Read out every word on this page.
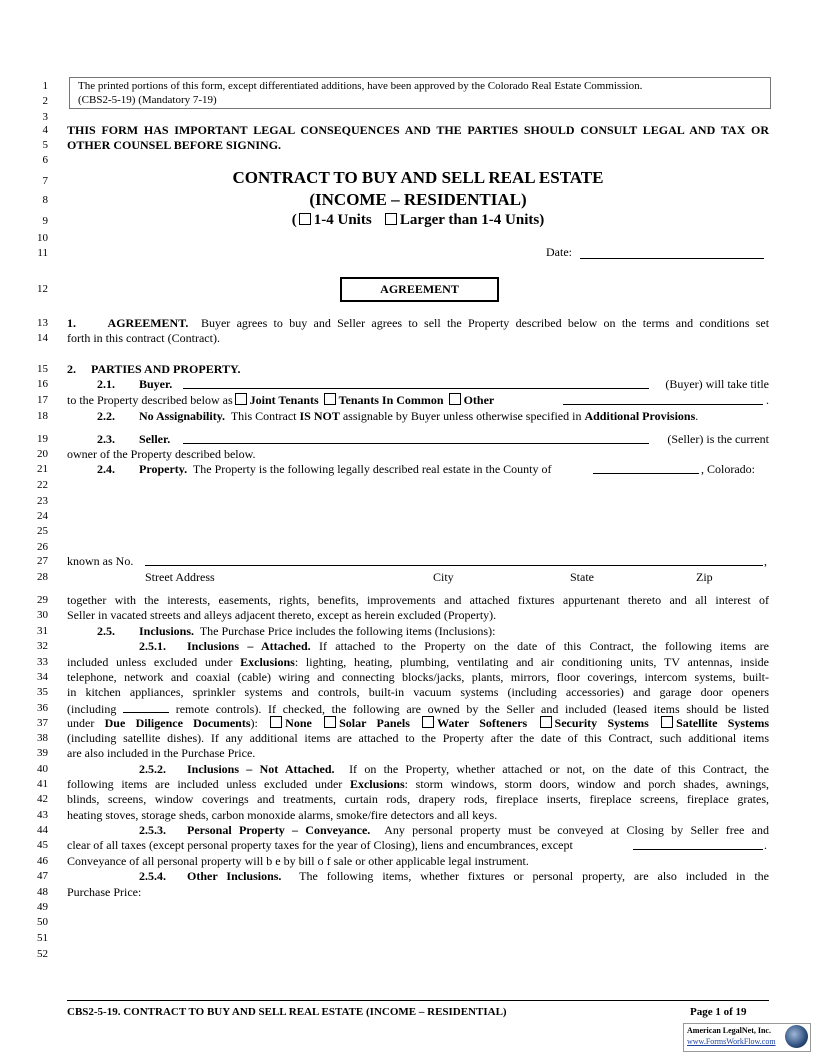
1
2
3
4
5
6
7
8
9
10
11
12
13
14
15
16
17
18
19
20
21
22
23
24
25
26
27
28
29
30
31
32
33
34
35
36
37
38
39
40
41
42
43
44
45
46
47
48
49
50
51
52
The printed portions of this form, except differentiated additions, have been approved by the Colorado Real Estate Commission.
(CBS2-5-19) (Mandatory 7-19)
THIS FORM HAS IMPORTANT LEGAL CONSEQUENCES AND THE PARTIES SHOULD CONSULT LEGAL AND TAX OR
OTHER COUNSEL BEFORE SIGNING.
CONTRACT TO BUY AND SELL REAL ESTATE
(INCOME – RESIDENTIAL)
( 1-4 Units Larger than 1-4 Units)
Date:
AGREEMENT
1.	AGREEMENT. Buyer agrees to buy and Seller agrees to sell the Property described below on the terms and conditions set
forth in this contract (Contract).
2. PARTIES AND PROPERTY.
2.1. Buyer.	(Buyer) will take title
to the Property described below as Joint Tenants Tenants In Common Other	.
2.2. No Assignability. This Contract IS NOT assignable by Buyer unless otherwise specified in Additional Provisions.
2.3. Seller.	(Seller) is the current
owner of the Property described below.
2.4. Property. The Property is the following legally described real estate in the County of	, Colorado:
known as No.	,
Street Address	City	State	Zip
together with the interests, easements, rights, benefits, improvements and attached fixtures appurtenant thereto and all interest of
Seller in vacated streets and alleys adjacent thereto, except as herein excluded (Property).
2.5. Inclusions. The Purchase Price includes the following items (Inclusions):
2.5.1. Inclusions – Attached. If attached to the Property on the date of this Contract, the following items are
included unless excluded under Exclusions: lighting, heating, plumbing, ventilating and air conditioning units, TV antennas, inside
telephone, network and coaxial (cable) wiring and connecting blocks/jacks, plants, mirrors, floor coverings, intercom systems, built-
in kitchen appliances, sprinkler systems and controls, built-in vacuum systems (including accessories) and garage door openers
(including	remote controls). If checked, the following are owned by the Seller and included (leased items should be listed
under Due Diligence Documents): None Solar Panels Water Softeners Security Systems Satellite Systems
(including satellite dishes). If any additional items are attached to the Property after the date of this Contract, such additional items
are also included in the Purchase Price.
2.5.2. Inclusions – Not Attached. If on the Property, whether attached or not, on the date of this Contract, the
following items are included unless excluded under Exclusions: storm windows, storm doors, window and porch shades, awnings,
blinds, screens, window coverings and treatments, curtain rods, drapery rods, fireplace inserts, fireplace screens, fireplace grates,
heating stoves, storage sheds, carbon monoxide alarms, smoke/fire detectors and all keys.
2.5.3. Personal Property – Conveyance. Any personal property must be conveyed at Closing by Seller free and
clear of all taxes (except personal property taxes for the year of Closing), liens and encumbrances, except	.
Conveyance of all personal property will b e by bill o f sale or other applicable legal instrument.
2.5.4. Other Inclusions. The following items, whether fixtures or personal property, are also included in the
Purchase Price:
CBS2-5-19. CONTRACT TO BUY AND SELL REAL ESTATE (INCOME – RESIDENTIAL)	Page 1 of 19
American LegalNet, Inc.
www.FormsWorkFlow.com
